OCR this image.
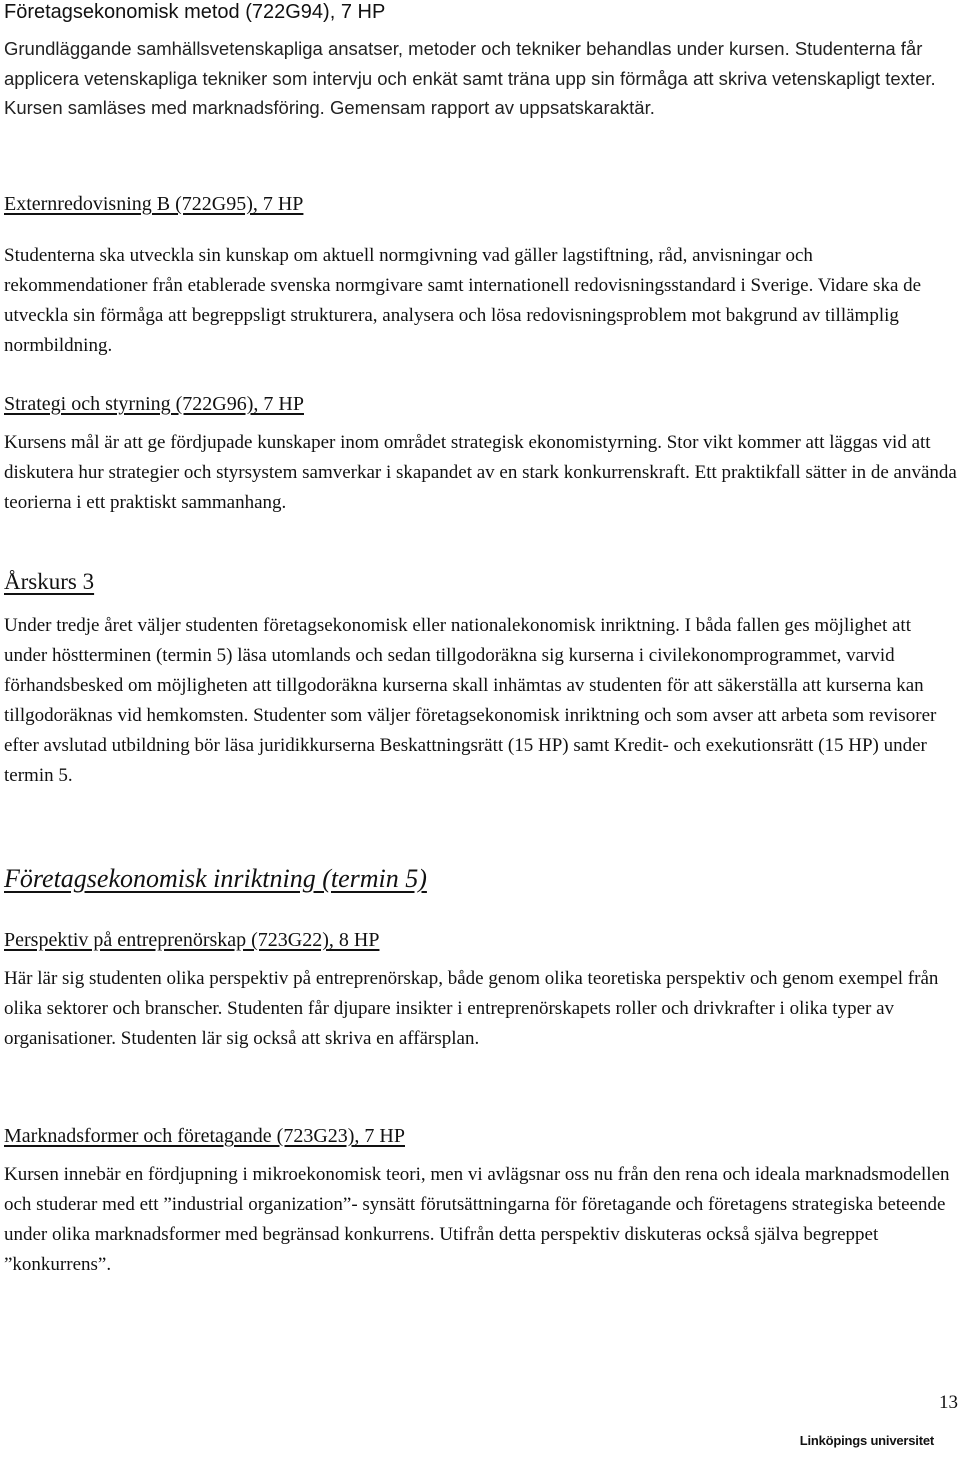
Företagsekonomisk metod (722G94), 7 HP

Grundläggande samhällsvetenskapliga ansatser, metoder och tekniker behandlas under kursen. Studenterna får applicera vetenskapliga tekniker som intervju och enkät samt träna upp sin förmåga att skriva vetenskapligt texter. Kursen samläses med marknadsföring. Gemensam rapport av uppsatskaraktär.

Externredovisning B (722G95), 7 HP

Studenterna ska utveckla sin kunskap om aktuell normgivning vad gäller lagstiftning, råd, anvisningar och rekommendationer från etablerade svenska normgivare samt internationell redovisningsstandard i Sverige. Vidare ska de utveckla sin förmåga att begreppsligt strukturera, analysera och lösa redovisningsproblem mot bakgrund av tillämplig normbildning.

Strategi och styrning (722G96), 7 HP

Kursens mål är att ge fördjupade kunskaper inom området strategisk ekonomistyrning. Stor vikt kommer att läggas vid att diskutera hur strategier och styrsystem samverkar i skapandet av en stark konkurrenskraft. Ett praktikfall sätter in de använda teorierna i ett praktiskt sammanhang.

Årskurs 3

Under tredje året väljer studenten företagsekonomisk eller nationalekonomisk inriktning. I båda fallen ges möjlighet att under höstterminen (termin 5) läsa utomlands och sedan tillgodoräkna sig kurserna i civilekonomprogrammet, varvid förhandsbesked om möjligheten att tillgodoräkna kurserna skall inhämtas av studenten för att säkerställa att kurserna kan tillgodoräknas vid hemkomsten. Studenter som väljer företagsekonomisk inriktning och som avser att arbeta som revisorer efter avslutad utbildning bör läsa juridikkurserna Beskattningsrätt (15 HP) samt Kredit- och exekutionsrätt (15 HP) under termin 5.

Företagsekonomisk inriktning (termin 5)
Perspektiv på entreprenörskap (723G22), 8 HP

Här lär sig studenten olika perspektiv på entreprenörskap, både genom olika teoretiska perspektiv och genom exempel från olika sektorer och branscher. Studenten får djupare insikter i entreprenörskapets roller och drivkrafter i olika typer av organisationer. Studenten lär sig också att skriva en affärsplan.

Marknadsformer och företagande (723G23), 7 HP

Kursen innebär en fördjupning i mikroekonomisk teori, men vi avlägsnar oss nu från den rena och ideala marknadsmodellen och studerar med ett ”industrial organization”- synsätt förutsättningarna för företagande och företagens strategiska beteende under olika marknadsformer med begränsad konkurrens. Utifrån detta perspektiv diskuteras också själva begreppet ”konkurrens”.

13
Linköpings universitet
